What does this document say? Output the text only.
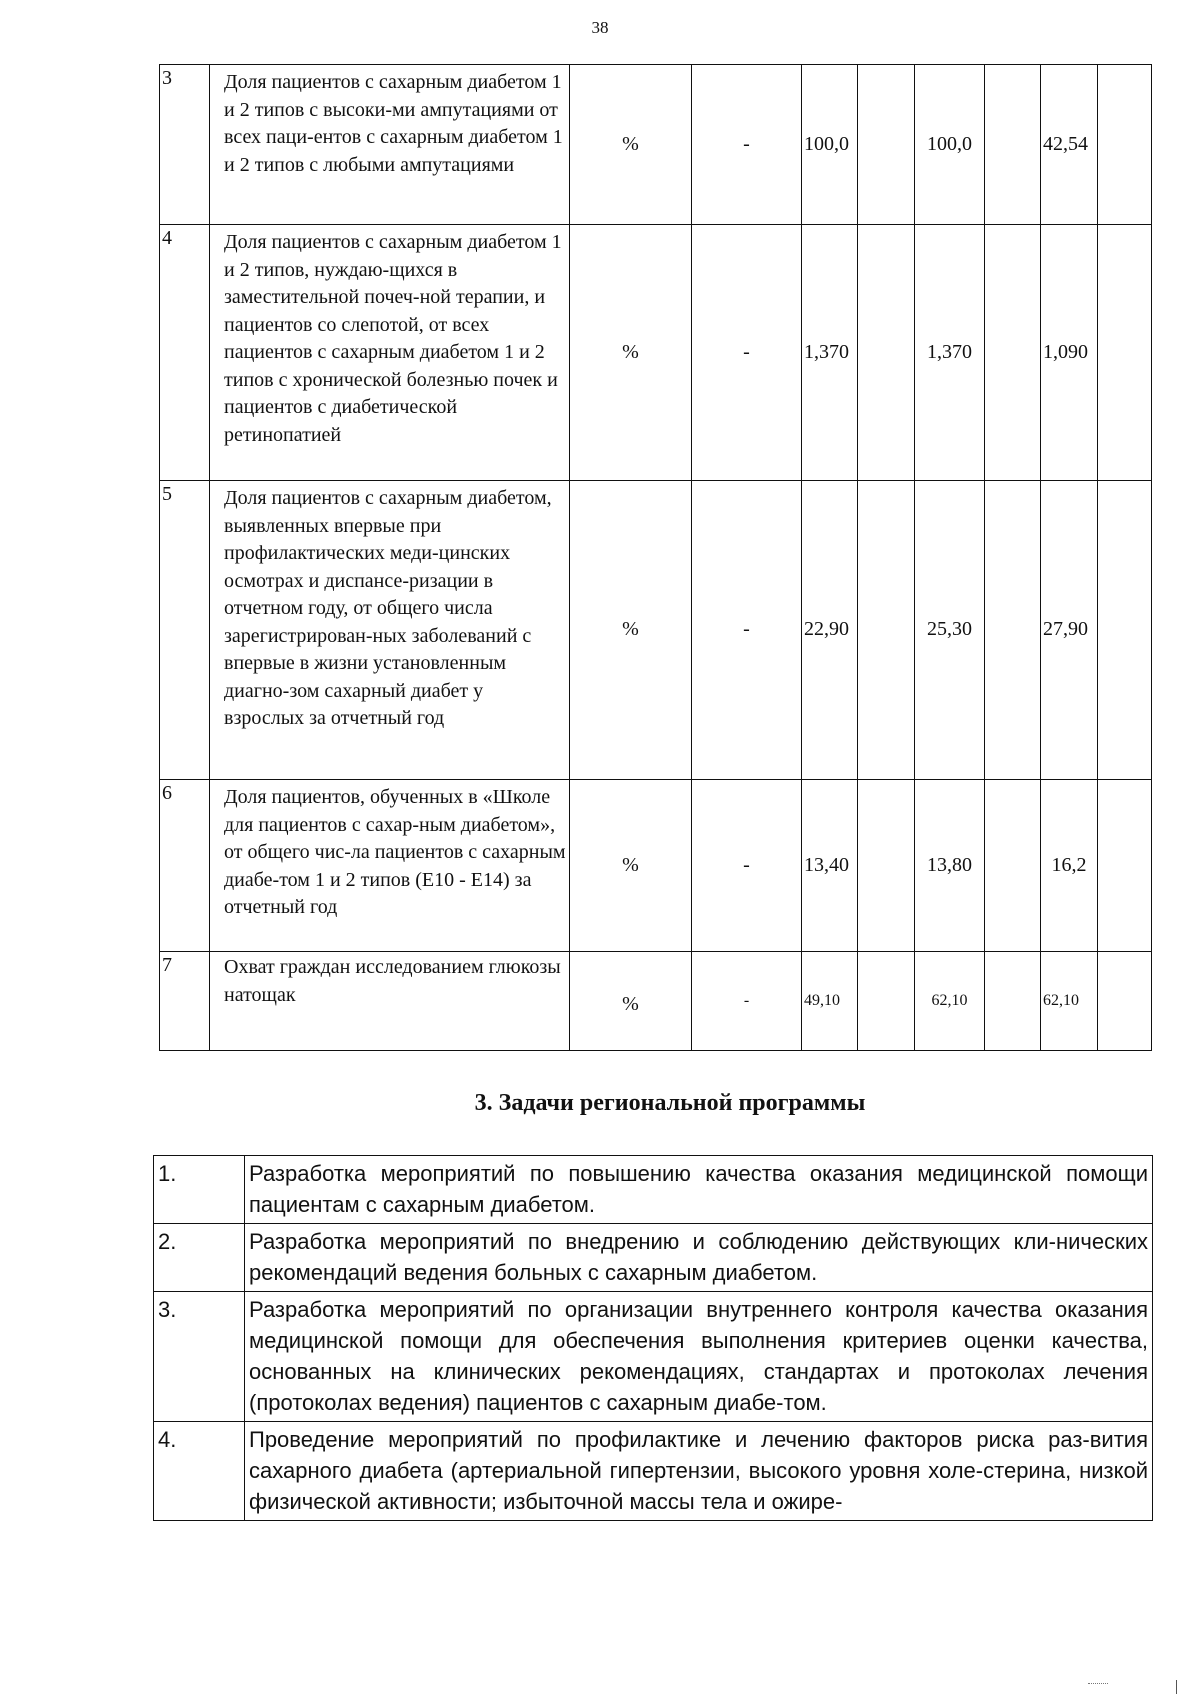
38
3	Доля пациентов с сахарным диабетом 1 и 2 типов с высоки-ми ампутациями от всех паци-ентов с сахарным диабетом 1 и 2 типов с любыми ампутациями	%	-	100,0		100,0		42,54	
4	Доля пациентов с сахарным диабетом 1 и 2 типов, нуждаю-щихся в заместительной почеч-ной терапии, и пациентов со слепотой, от всех пациентов с сахарным диабетом 1 и 2 типов с хронической болезнью почек и пациентов с диабетической ретинопатией	%	-	1,370		1,370		1,090	
5	Доля пациентов с сахарным диабетом, выявленных впервые при профилактических меди-цинских осмотрах и диспансе-ризации в отчетном году, от общего числа зарегистрирован-ных заболеваний с впервые в жизни установленным диагно-зом сахарный диабет у взрослых за отчетный год	%	-	22,90		25,30		27,90	
6	Доля пациентов, обученных в «Школе для пациентов с сахар-ным диабетом», от общего чис-ла пациентов с сахарным диабе-том 1 и 2 типов (Е10 - Е14) за отчетный год	%	-	13,40		13,80		16,2	
7	Охват граждан исследованием глюкозы натощак	%	-	49,10		62,10		62,10	
3. Задачи региональной программы
1.	Разработка мероприятий по повышению качества оказания медицинской помощи пациентам с сахарным диабетом.
2.	Разработка мероприятий по внедрению и соблюдению действующих кли-нических рекомендаций ведения больных с сахарным диабетом.
3.	Разработка мероприятий по организации внутреннего контроля качества оказания медицинской помощи для обеспечения выполнения критериев оценки качества, основанных на клинических рекомендациях, стандартах и протоколах лечения (протоколах ведения) пациентов с сахарным диабе-том.
4.	Проведение мероприятий по профилактике и лечению факторов риска раз-вития сахарного диабета (артериальной гипертензии, высокого уровня холе-стерина, низкой физической активности; избыточной массы тела и ожире-
